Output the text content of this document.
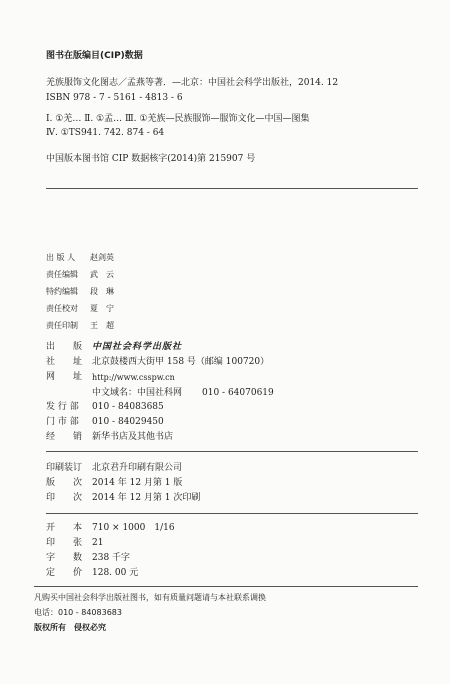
图书在版编目(CIP)数据
羌族服饰文化图志／孟燕等著．—北京：中国社会科学出版社，2014. 12
ISBN 978 - 7 - 5161 - 4813 - 6
Ⅰ. ①羌… Ⅱ. ①孟… Ⅲ. ①羌族—民族服饰—服饰文化—中国—图集
Ⅳ. ①TS941. 742. 874 - 64
中国版本图书馆 CIP 数据核字(2014)第 215907 号
出 版 人 赵剑英
责任编辑 武　云
特约编辑 段　琳
责任校对 夏　宁
责任印制 王　超
出　　版 中国社会科学出版社
社　　址 北京鼓楼西大街甲 158 号（邮编 100720）
网　　址 http://www.csspw.cn
中文域名：中国社科网 010 - 64070619
发 行 部 010 - 84083685
门 市 部 010 - 84029450
经　　销 新华书店及其他书店
印刷装订 北京君升印刷有限公司
版　　次 2014 年 12 月第 1 版
印　　次 2014 年 12 月第 1 次印刷
开　　本 710 × 1000　1/16
印　　张 21
字　　数 238 千字
定　　价 128. 00 元
凡购买中国社会科学出版社图书，如有质量问题请与本社联系调换
电话：010 - 84083683
版权所有　侵权必究
